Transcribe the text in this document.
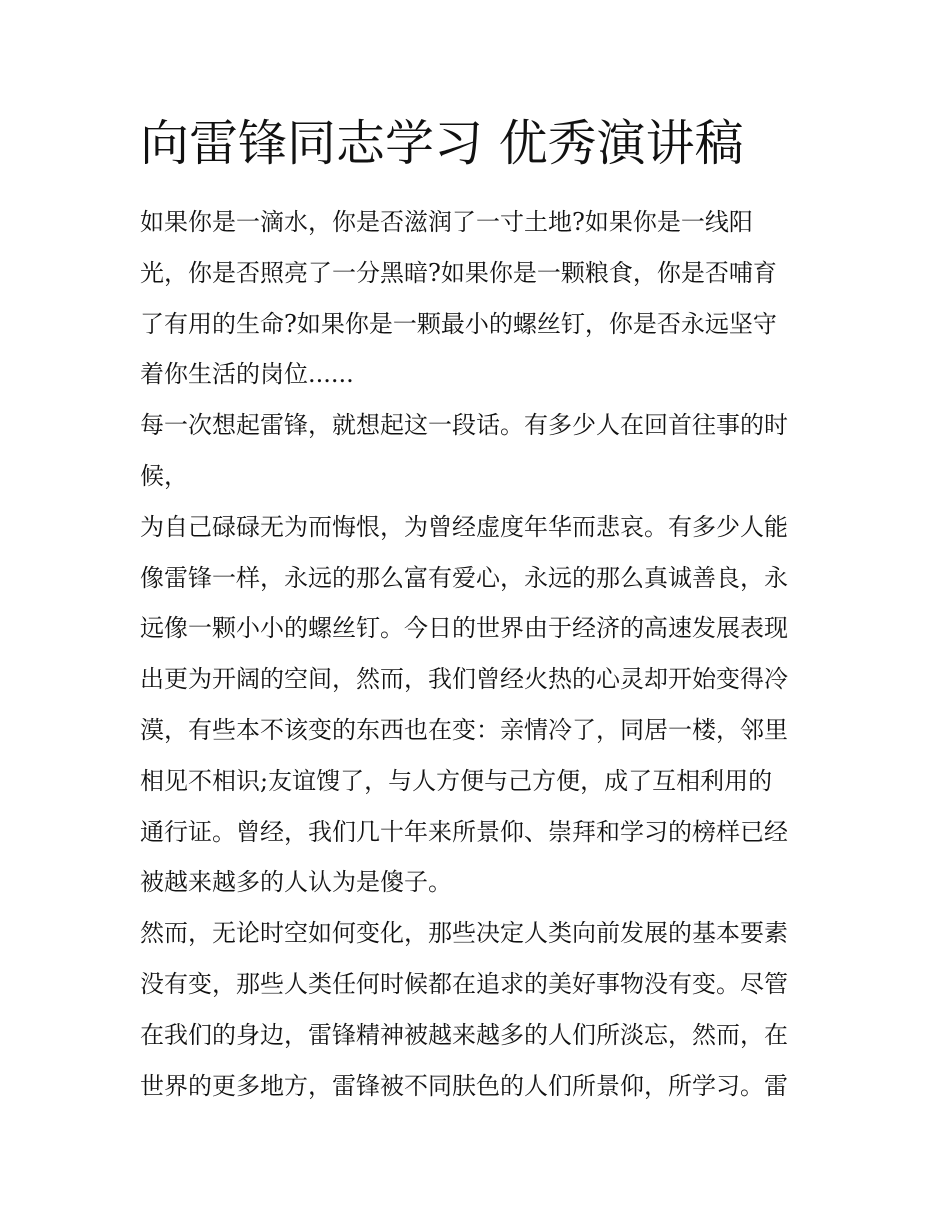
向雷锋同志学习 优秀演讲稿
如果你是一滴水，你是否滋润了一寸土地?如果你是一线阳
光，你是否照亮了一分黑暗?如果你是一颗粮食，你是否哺育
了有用的生命?如果你是一颗最小的螺丝钉，你是否永远坚守
着你生活的岗位......
每一次想起雷锋，就想起这一段话。有多少人在回首往事的时
候，
为自己碌碌无为而悔恨，为曾经虚度年华而悲哀。有多少人能
像雷锋一样，永远的那么富有爱心，永远的那么真诚善良，永
远像一颗小小的螺丝钉。今日的世界由于经济的高速发展表现
出更为开阔的空间，然而，我们曾经火热的心灵却开始变得冷
漠，有些本不该变的东西也在变：亲情冷了，同居一楼，邻里
相见不相识;友谊馊了，与人方便与己方便，成了互相利用的
通行证。曾经，我们几十年来所景仰、崇拜和学习的榜样已经
被越来越多的人认为是傻子。
然而，无论时空如何变化，那些决定人类向前发展的基本要素
没有变，那些人类任何时候都在追求的美好事物没有变。尽管
在我们的身边，雷锋精神被越来越多的人们所淡忘，然而，在
世界的更多地方，雷锋被不同肤色的人们所景仰，所学习。雷
